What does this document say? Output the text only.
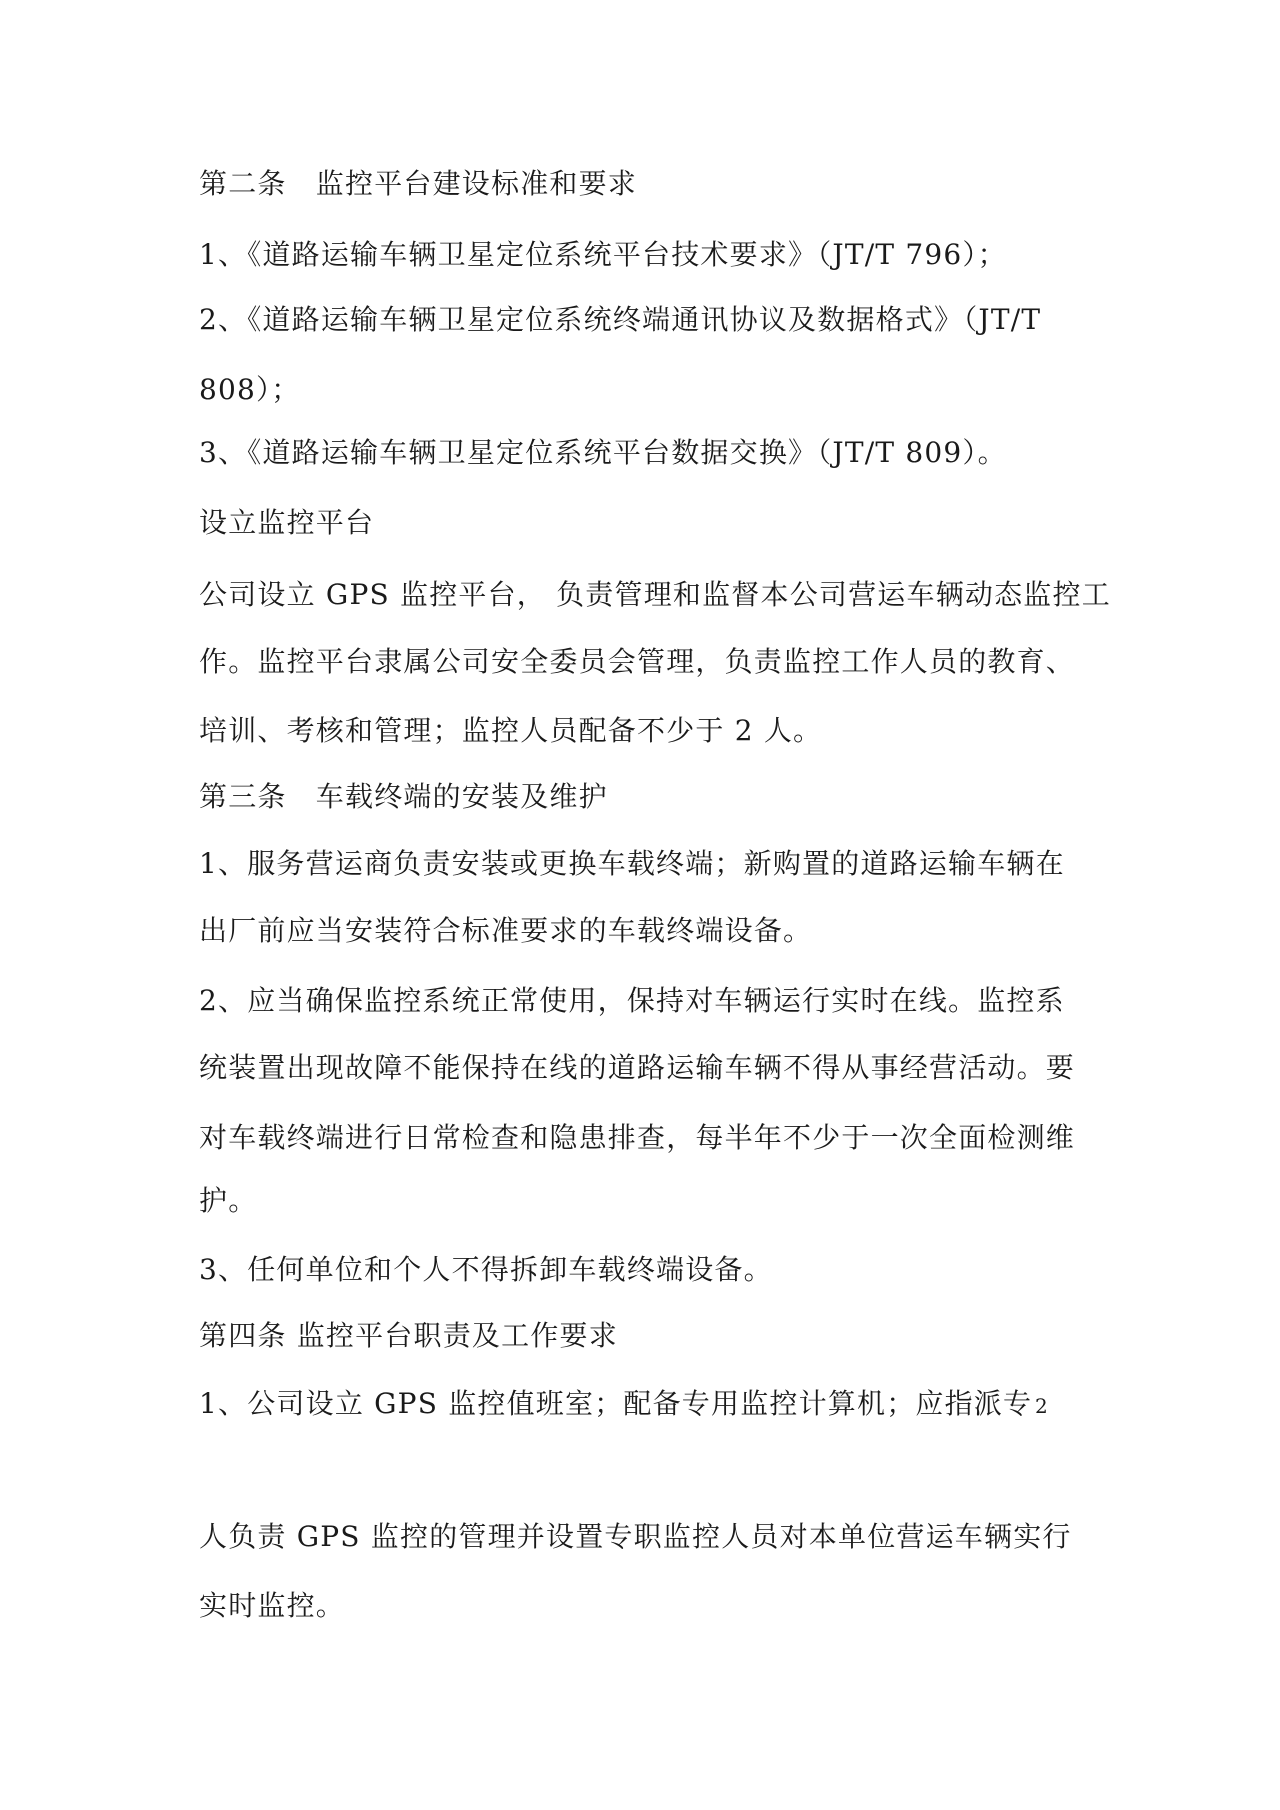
第二条　监控平台建设标准和要求
1、《道路运输车辆卫星定位系统平台技术要求》（JT/T 796）；
2、《道路运输车辆卫星定位系统终端通讯协议及数据格式》（JT/T
808）；
3、《道路运输车辆卫星定位系统平台数据交换》（JT/T 809）。
设立监控平台
公司设立 GPS 监控平台， 负责管理和监督本公司营运车辆动态监控工
作。监控平台隶属公司安全委员会管理，负责监控工作人员的教育、
培训、考核和管理；监控人员配备不少于 2 人。
第三条　车载终端的安装及维护
1、服务营运商负责安装或更换车载终端；新购置的道路运输车辆在
出厂前应当安装符合标准要求的车载终端设备。
2、应当确保监控系统正常使用，保持对车辆运行实时在线。监控系
统装置出现故障不能保持在线的道路运输车辆不得从事经营活动。要
对车载终端进行日常检查和隐患排查，每半年不少于一次全面检测维
护。
3、任何单位和个人不得拆卸车载终端设备。
第四条 监控平台职责及工作要求
1、公司设立 GPS 监控值班室；配备专用监控计算机；应指派专 2
人负责 GPS 监控的管理并设置专职监控人员对本单位营运车辆实行
实时监控。
